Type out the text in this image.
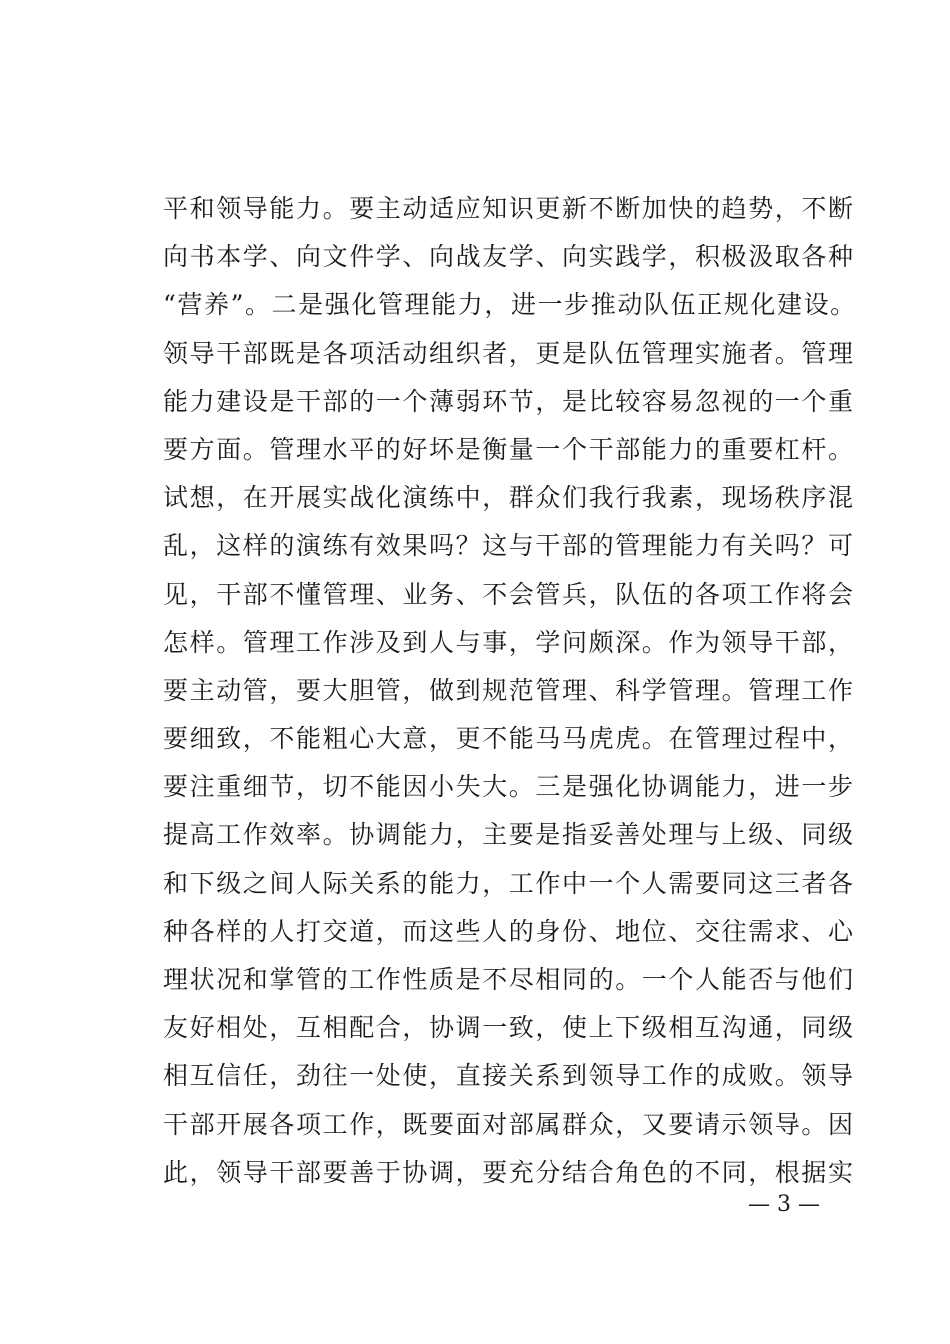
平和领导能力。要主动适应知识更新不断加快的趋势，不断
向书本学、向文件学、向战友学、向实践学，积极汲取各种
“营养”。二是强化管理能力，进一步推动队伍正规化建设。
领导干部既是各项活动组织者，更是队伍管理实施者。管理
能力建设是干部的一个薄弱环节，是比较容易忽视的一个重
要方面。管理水平的好坏是衡量一个干部能力的重要杠杆。
试想，在开展实战化演练中，群众们我行我素，现场秩序混
乱，这样的演练有效果吗？这与干部的管理能力有关吗？可
见，干部不懂管理、业务、不会管兵，队伍的各项工作将会
怎样。管理工作涉及到人与事，学问颇深。作为领导干部，
要主动管，要大胆管，做到规范管理、科学管理。管理工作
要细致，不能粗心大意，更不能马马虎虎。在管理过程中，
要注重细节，切不能因小失大。三是强化协调能力，进一步
提高工作效率。协调能力，主要是指妥善处理与上级、同级
和下级之间人际关系的能力，工作中一个人需要同这三者各
种各样的人打交道，而这些人的身份、地位、交往需求、心
理状况和掌管的工作性质是不尽相同的。一个人能否与他们
友好相处，互相配合，协调一致，使上下级相互沟通，同级
相互信任，劲往一处使，直接关系到领导工作的成败。领导
干部开展各项工作，既要面对部属群众，又要请示领导。因
此，领导干部要善于协调，要充分结合角色的不同，根据实
— 3 —
